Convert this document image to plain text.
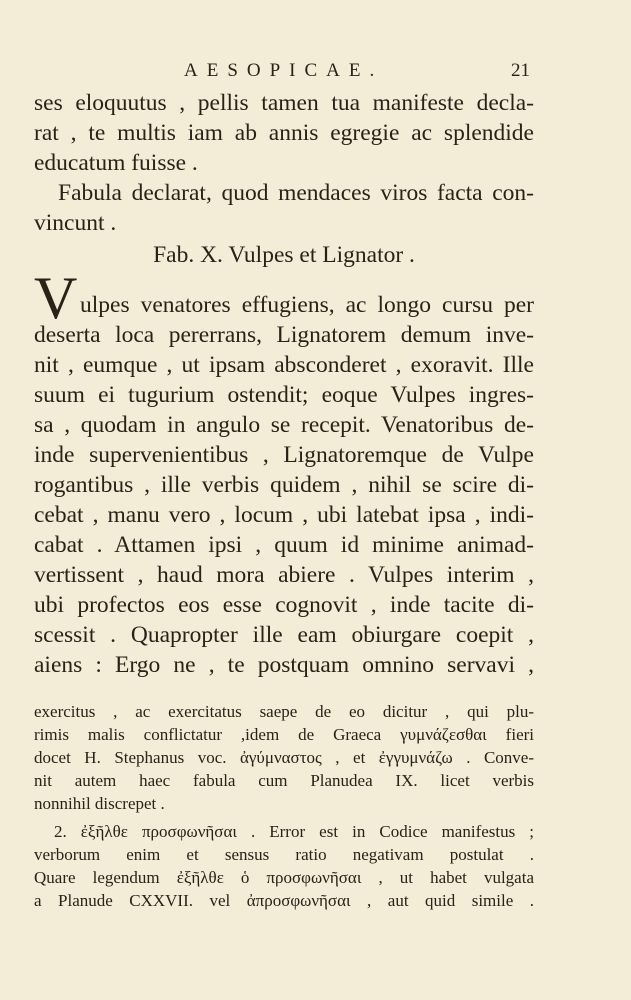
AESOPICAE.	21
ses eloquutus , pellis tamen tua manifeste decla-
rat , te multis iam ab annis egregie ac splendide
educatum fuisse .
Fabula declarat, quod mendaces viros facta con-
vincunt .
Fab. X. Vulpes et Lignator .
V ulpes venatores effugiens, ac longo cursu per
deserta loca pererrans, Lignatorem demum inve-
nit , eumque , ut ipsam absconderet , exoravit. Ille
suum ei tugurium ostendit; eoque Vulpes ingres-
sa , quodam in angulo se recepit. Venatoribus de-
inde supervenientibus , Lignatoremque de Vulpe
rogantibus , ille verbis quidem , nihil se scire di-
cebat , manu vero , locum , ubi latebat ipsa , indi-
cabat . Attamen ipsi , quum id minime animad-
vertissent , haud mora abiere . Vulpes interim ,
ubi profectos eos esse cognovit , inde tacite di-
scessit . Quapropter ille eam obiurgare coepit ,
aiens : Ergo ne , te postquam omnino servavi ,
exercitus , ac exercitatus saepe de eo dicitur , qui plu-
rimis malis conflictatur ,idem de Graeca γυμνάζεσθαι fieri
docet H. Stephanus voc. ἀγύμναστος , et ἐγγυμνάζω . Conve-
nit autem haec fabula cum Planudea IX. licet verbis
nonnihil discrepet .
2. ἐξῆλθε προσφωνῆσαι . Error est in Codice manifestus ;
verborum enim et sensus ratio negativam postulat .
Quare legendum ἐξῆλθε ὁ προσφωνῆσαι , ut habet vulgata
a Planude CXXVII. vel ἀπροσφωνῆσαι , aut quid simile .
